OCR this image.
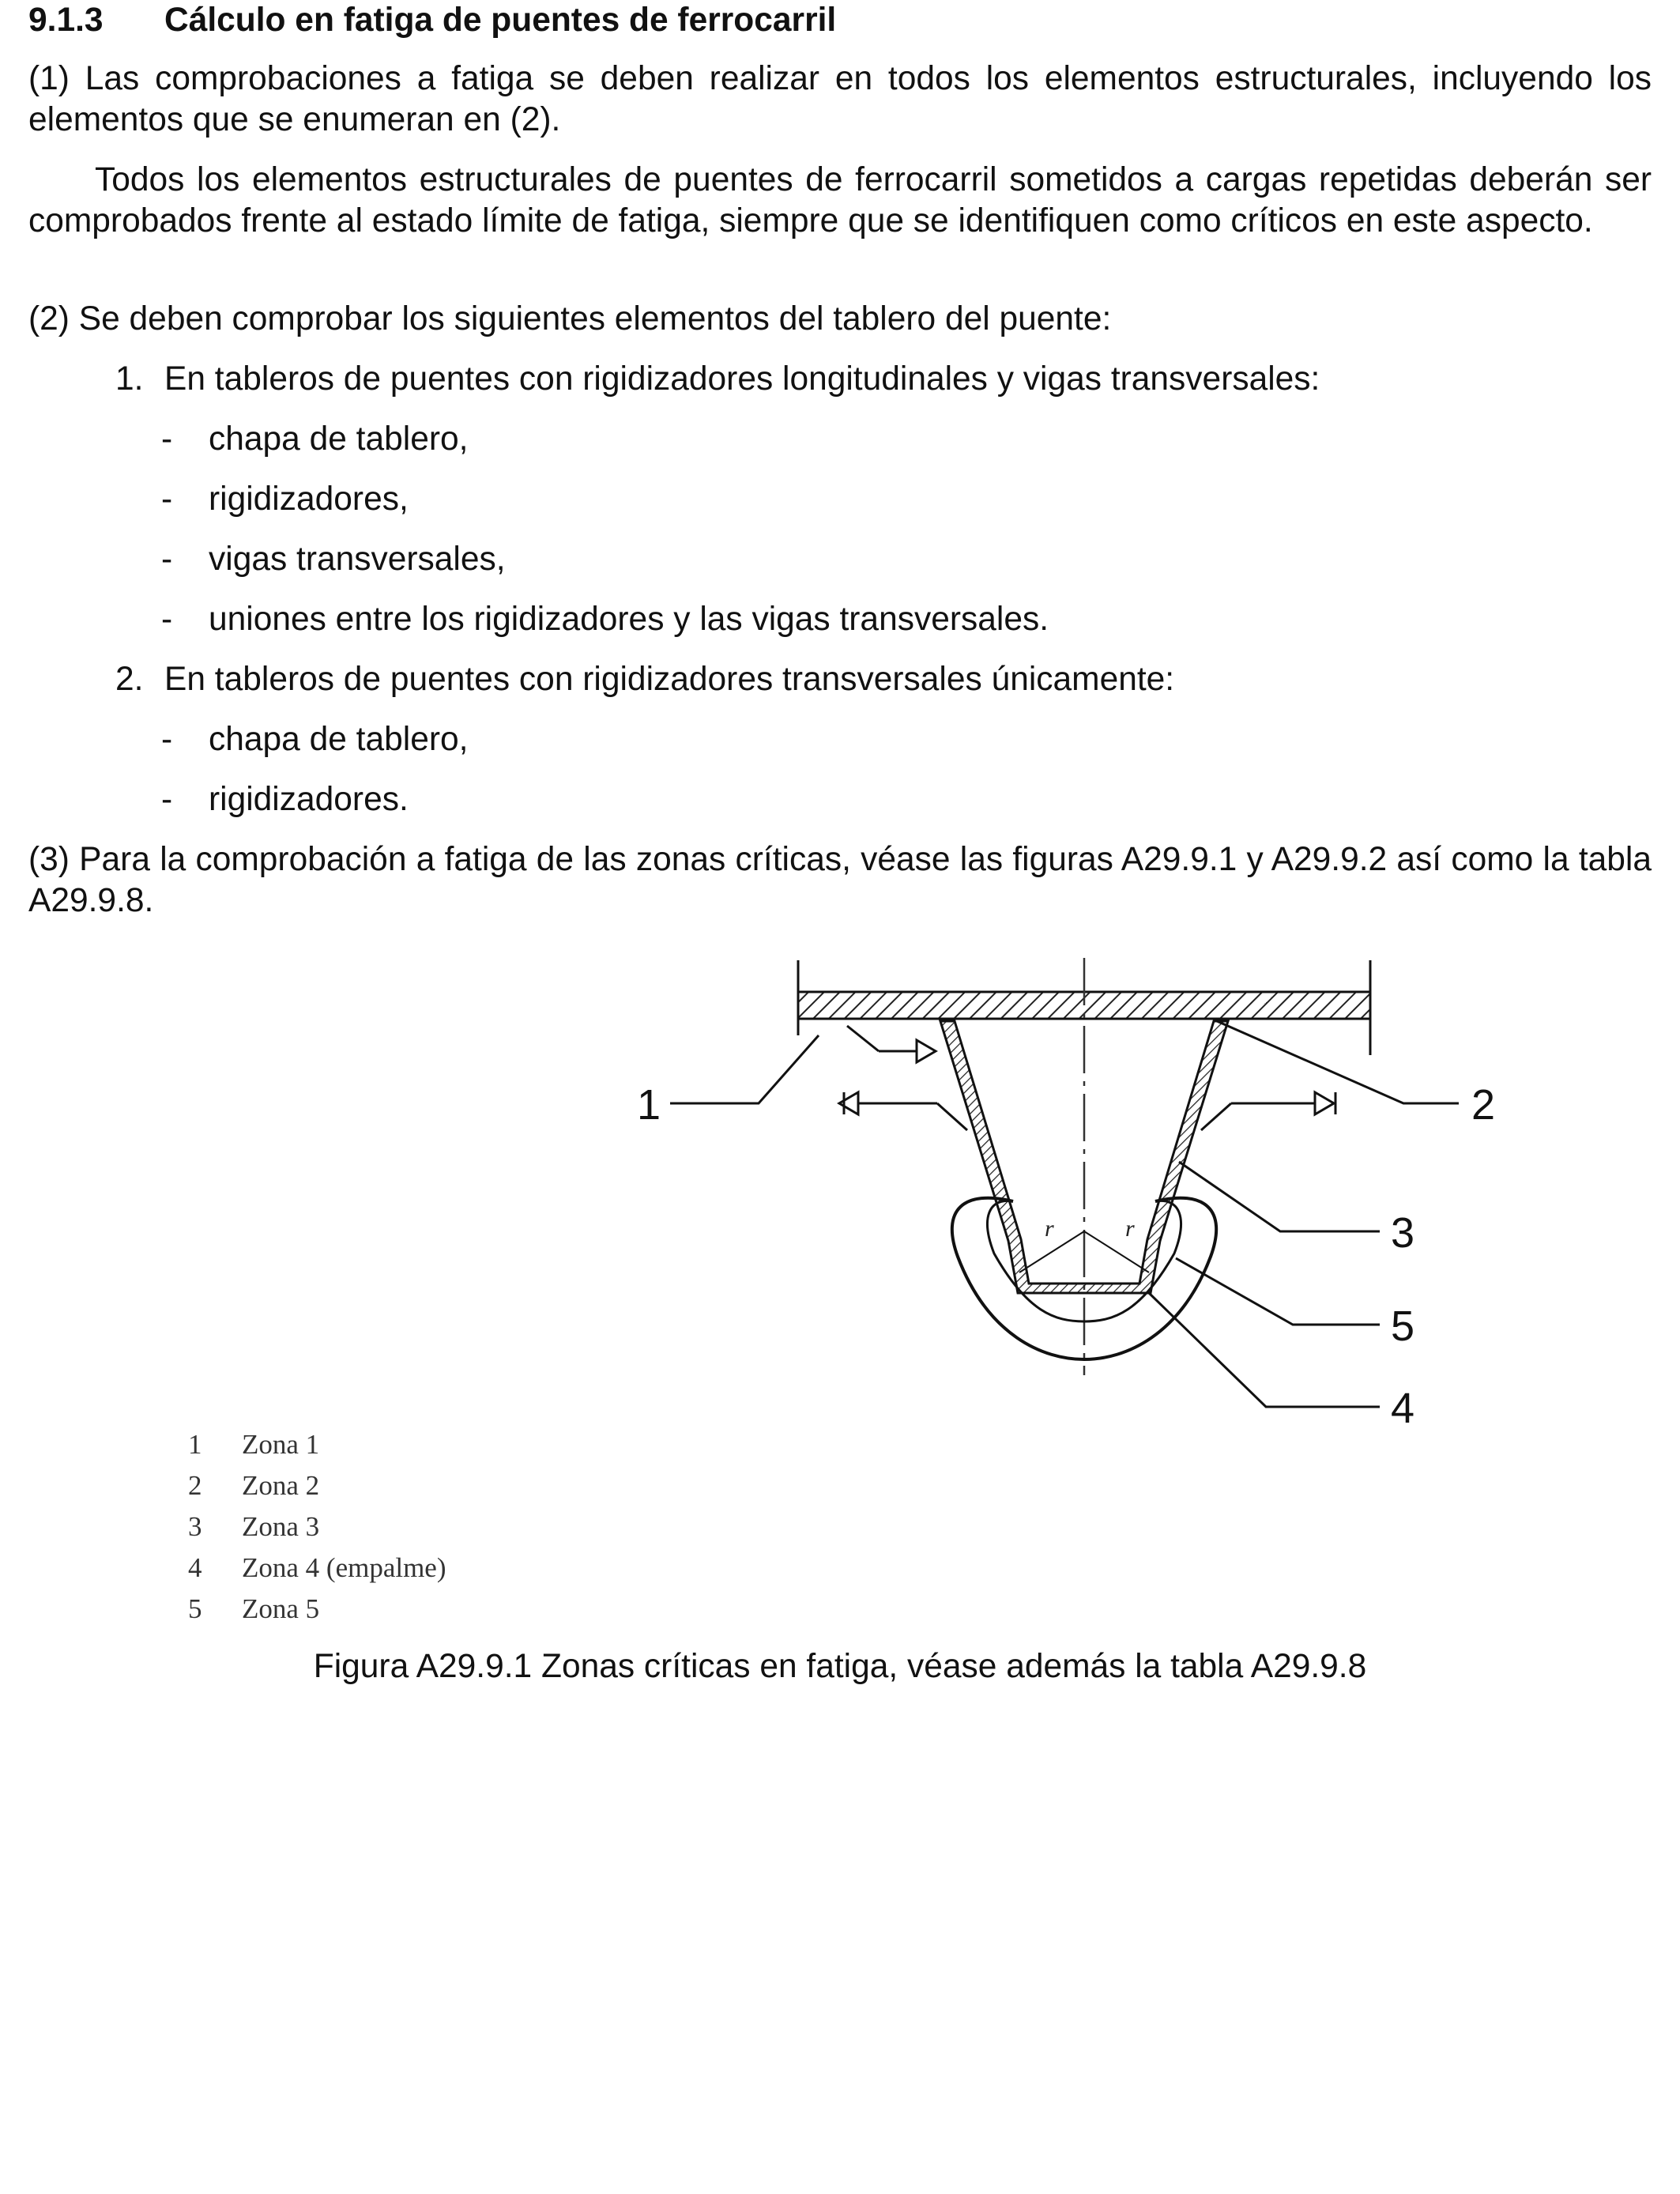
9.1.3 Cálculo en fatiga de puentes de ferrocarril

(1) Las comprobaciones a fatiga se deben realizar en todos los elementos estructurales, incluyendo los elementos que se enumeran en (2).

Todos los elementos estructurales de puentes de ferrocarril sometidos a cargas repetidas deberán ser comprobados frente al estado límite de fatiga, siempre que se identifiquen como críticos en este aspecto.

(2) Se deben comprobar los siguientes elementos del tablero del puente:

1. En tableros de puentes con rigidizadores longitudinales y vigas transversales:
- chapa de tablero,
- rigidizadores,
- vigas transversales,
- uniones entre los rigidizadores y las vigas transversales.
2. En tableros de puentes con rigidizadores transversales únicamente:
- chapa de tablero,
- rigidizadores.

(3) Para la comprobación a fatiga de las zonas críticas, véase las figuras A29.9.1 y A29.9.2 así como la tabla A29.9.8.

r	r
1	2
3
5
4
1 Zona 1
2 Zona 2
3 Zona 3
4 Zona 4 (empalme)
5 Zona 5
Figura A29.9.1 Zonas críticas en fatiga, véase además la tabla A29.9.8
